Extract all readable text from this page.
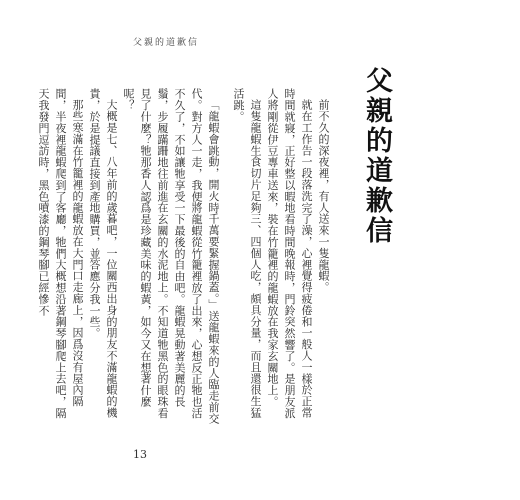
父親的道歉信
父親的道歉信

前不久的深夜裡，有人送來一隻龍蝦。

就在工作告一段落洗完了澡，心裡覺得疲倦和一般人一樣於正常時間就寢，正好整以暇地看時間晚報時，門鈴突然響了。是朋友派人將剛從伊豆專車送來，裝在竹籠裡的龍蝦放在我家玄關地上。

這隻龍蝦生食切片足夠三、四個人吃，頗具分量，而且還很生猛活跳。

「龍蝦會跳動，開火時千萬要緊握鍋蓋。」送龍蝦來的人臨走前交代。對方人一走，我便將龍蝦從竹籠裡放了出來，心想反正牠也活不久了，不如讓牠享受一下最後的自由吧。龍蝦晃動著美麗的長鬚，步履蹣跚地往前進在玄關的水泥地上。不知道牠黑色的眼珠看見了什麼？牠那香人認爲是珍藏美味的蝦黃，如今又在想著什麼呢？

大概是七、八年前的歲暮吧，一位關西出身的朋友不滿龍蝦的機貴，於是提議直接到產地購買，並答應分我一些。

那些寒滿在竹籠裡的龍蝦放在大門口走廊上，因爲沒有屋內隔間，半夜裡龍蝦爬到了客廳，牠們大概想沿著鋼琴腳爬上去吧，隔天我發門逗訪時，黑色噴漆的鋼琴腳已經慘不

13
